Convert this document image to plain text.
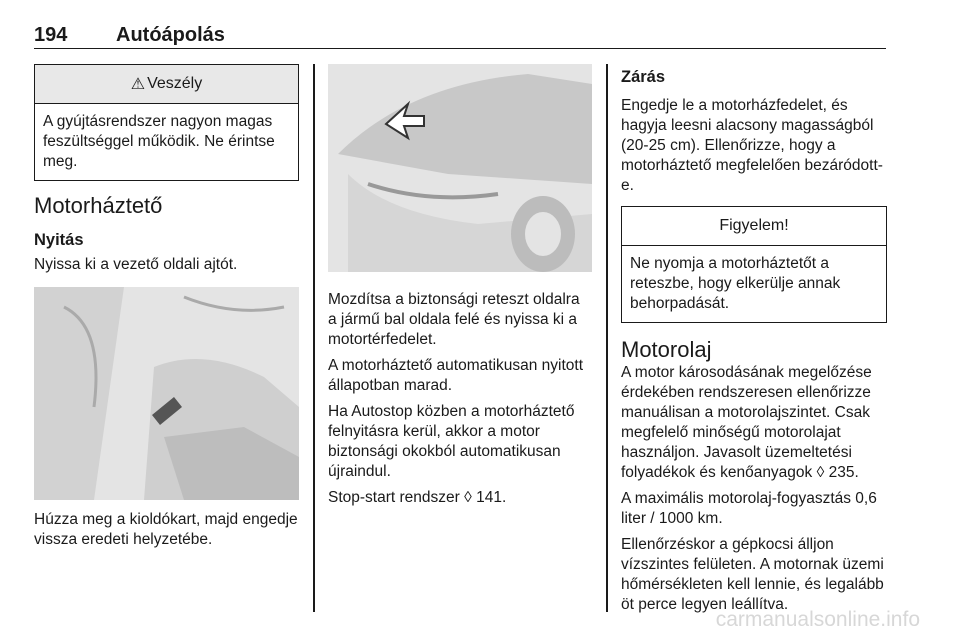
194 Autóápolás
⚠ Veszély
A gyújtásrendszer nagyon magas feszültséggel működik. Ne érintse meg.
Motorháztető
Nyitás

Nyissa ki a vezető oldali ajtót.

Húzza meg a kioldókart, majd engedje vissza eredeti helyzetébe.

Mozdítsa a biztonsági reteszt oldalra a jármű bal oldala felé és nyissa ki a motortérfedelet.

A motorháztető automatikusan nyitott állapotban marad.

Ha Autostop közben a motorháztető felnyitásra kerül, akkor a motor biztonsági okokból automatikusan újraindul.

Stop-start rendszer ◊ 141.

Zárás

Engedje le a motorházfedelet, és hagyja leesni alacsony magasságból (20-25 cm). Ellenőrizze, hogy a motorháztető megfelelően bezáródott-e.

Figyelem!
Ne nyomja a motorháztetőt a reteszbe, hogy elkerülje annak behorpadását.
Motorolaj

A motor károsodásának megelőzése érdekében rendszeresen ellenőrizze manuálisan a motorolajszintet. Csak megfelelő minőségű motorolajat használjon. Javasolt üzemeltetési folyadékok és kenőanyagok ◊ 235.

A maximális motorolaj-fogyasztás 0,6 liter / 1000 km.

Ellenőrzéskor a gépkocsi álljon vízszintes felületen. A motornak üzemi hőmérsékleten kell lennie, és legalább öt perce legyen leállítva.

carmanualsonline.info
